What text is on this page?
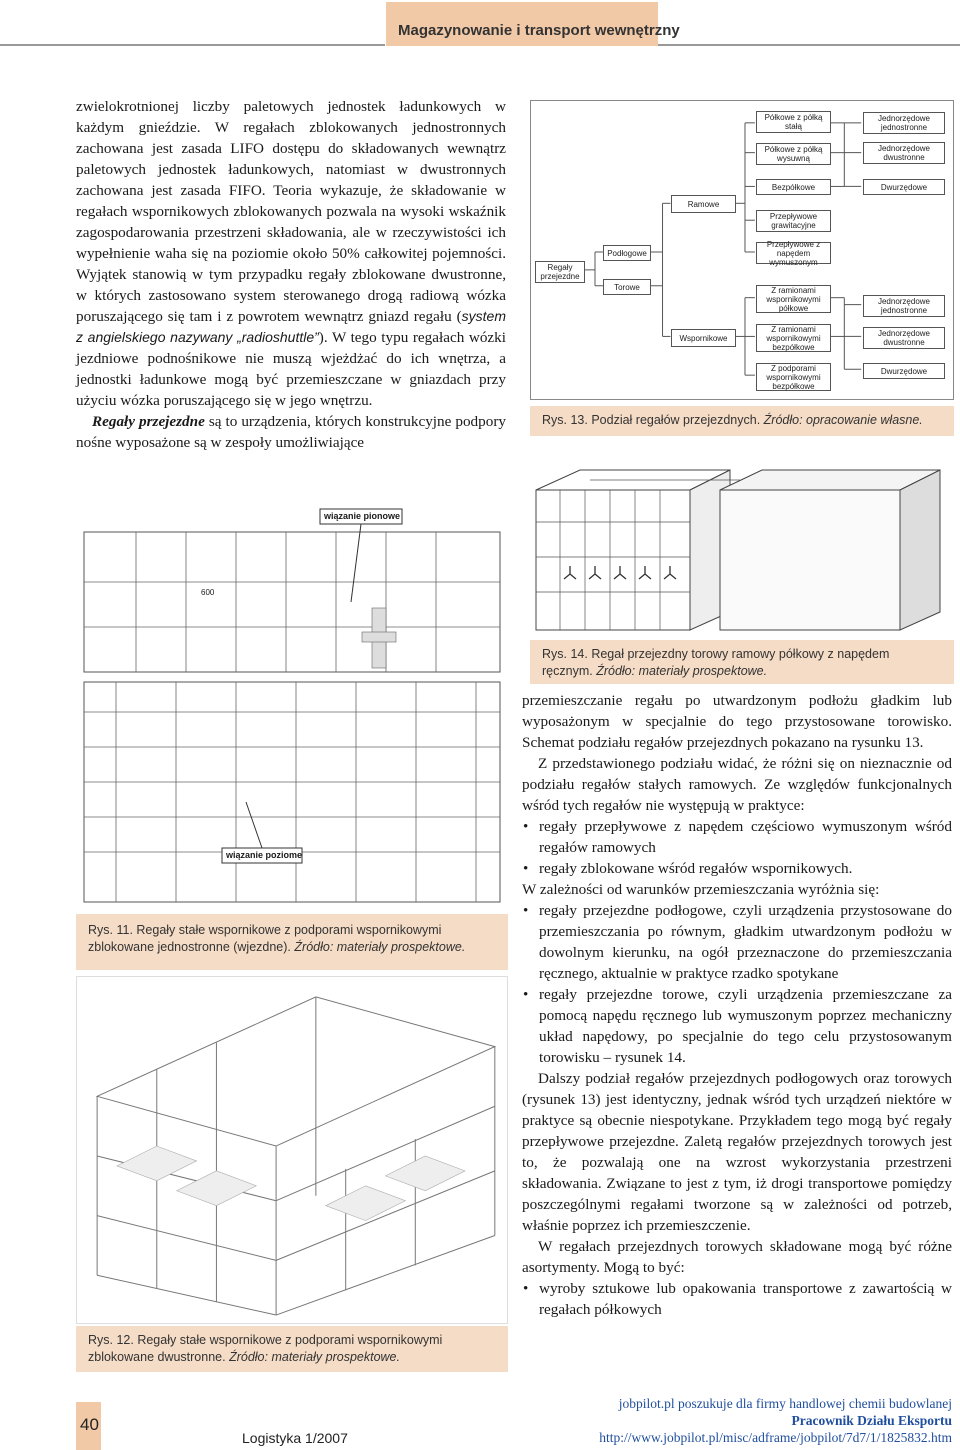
Magazynowanie i transport wewnętrzny

zwielokrotnionej liczby paletowych jednostek ładunkowych w każdym gnieździe. W regałach zblokowanych jednostronnych zachowana jest zasada LIFO dostępu do składowanych wewnątrz paletowych jednostek ładunkowych, natomiast w dwustronnych zachowana jest zasada FIFO. Teoria wykazuje, że składowanie w regałach wspornikowych zblokowanych pozwala na wysoki wskaźnik zagospodarowania przestrzeni składowania, ale w rzeczywistości ich wypełnienie waha się na poziomie około 50% całkowitej pojemności. Wyjątek stanowią w tym przypadku regały zblokowane dwustronne, w których zastosowano system sterowanego drogą radiową wózka poruszającego się tam i z powrotem wewnątrz gniazd regału (system z angielskiego nazywany „radioshuttle”). W tego typu regałach wózki jezdniowe podnośnikowe nie muszą wjeżdżać do ich wnętrza, a jednostki ładunkowe mogą być przemieszczane w gniazdach przy użyciu wózka poruszającego się w jego wnętrzu.

Regały przejezdne są to urządzenia, których konstrukcyjne podpory nośne wyposażone są w zespoły umożliwiające

Regały przejezdne
Podłogowe
Torowe
Ramowe
Wspornikowe
Półkowe z półką stałą
Półkowe z półką wysuwną
Bezpółkowe
Przepływowe grawitacyjne
Przepływowe z napędem wymuszonym
Z ramionami wspornikowymi półkowe
Z ramionami wspornikowymi bezpółkowe
Z podporami wspornikowymi bezpółkowe
Jednorzędowe jednostronne
Jednorzędowe dwustronne
Dwurzędowe
Jednorzędowe jednostronne
Jednorzędowe dwustronne
Dwurzędowe
Rys. 13. Podział regałów przejezdnych. Źródło: opracowanie własne.
Rys. 14. Regał przejezdny torowy ramowy półkowy z napędem ręcznym. Źródło: materiały prospektowe.
wiązanie pionowe
wiązanie poziome
600
Rys. 11. Regały stałe wspornikowe z podporami wspornikowymi zblokowane jednostronne (wjezdne). Źródło: materiały prospektowe.
Rys. 12. Regały stałe wspornikowe z podporami wspornikowymi zblokowane dwustronne. Źródło: materiały prospektowe.

przemieszczanie regału po utwardzonym podłożu gładkim lub wyposażonym w specjalnie do tego przystosowane torowisko. Schemat podziału regałów przejezdnych pokazano na rysunku 13.

Z przedstawionego podziału widać, że różni się on nieznacznie od podziału regałów stałych ramowych. Ze względów funkcjonalnych wśród tych regałów nie występują w praktyce:

• regały przepływowe z napędem częściowo wymuszonym wśród regałów ramowych
• regały zblokowane wśród regałów wspornikowych.

W zależności od warunków przemieszczania wyróżnia się:

• regały przejezdne podłogowe, czyli urządzenia przystosowane do przemieszczania po równym, gładkim utwardzonym podłożu w dowolnym kierunku, na ogół przeznaczone do przemieszczania ręcznego, aktualnie w praktyce rzadko spotykane
• regały przejezdne torowe, czyli urządzenia przemieszczane za pomocą napędu ręcznego lub wymuszonym poprzez mechaniczny układ napędowy, po specjalnie do tego celu przystosowanym torowisku – rysunek 14.

Dalszy podział regałów przejezdnych podłogowych oraz torowych (rysunek 13) jest identyczny, jednak wśród tych urządzeń niektóre w praktyce są obecnie niespotykane. Przykładem tego mogą być regały przepływowe przejezdne. Zaletą regałów przejezdnych torowych jest to, że pozwalają one na wzrost wykorzystania przestrzeni składowania. Związane to jest z tym, iż drogi transportowe pomiędzy poszczególnymi regałami tworzone są w zależności od potrzeb, właśnie poprzez ich przemieszczenie.

W regałach przejezdnych torowych składowane mogą być różne asortymenty. Mogą to być:

• wyroby sztukowe lub opakowania transportowe z zawartością w regałach półkowych
40
Logistyka 1/2007
jobpilot.pl poszukuje dla firmy handlowej chemii budowlanej
Pracownik Działu Eksportu
http://www.jobpilot.pl/misc/adframe/jobpilot/7d7/1/1825832.htm
